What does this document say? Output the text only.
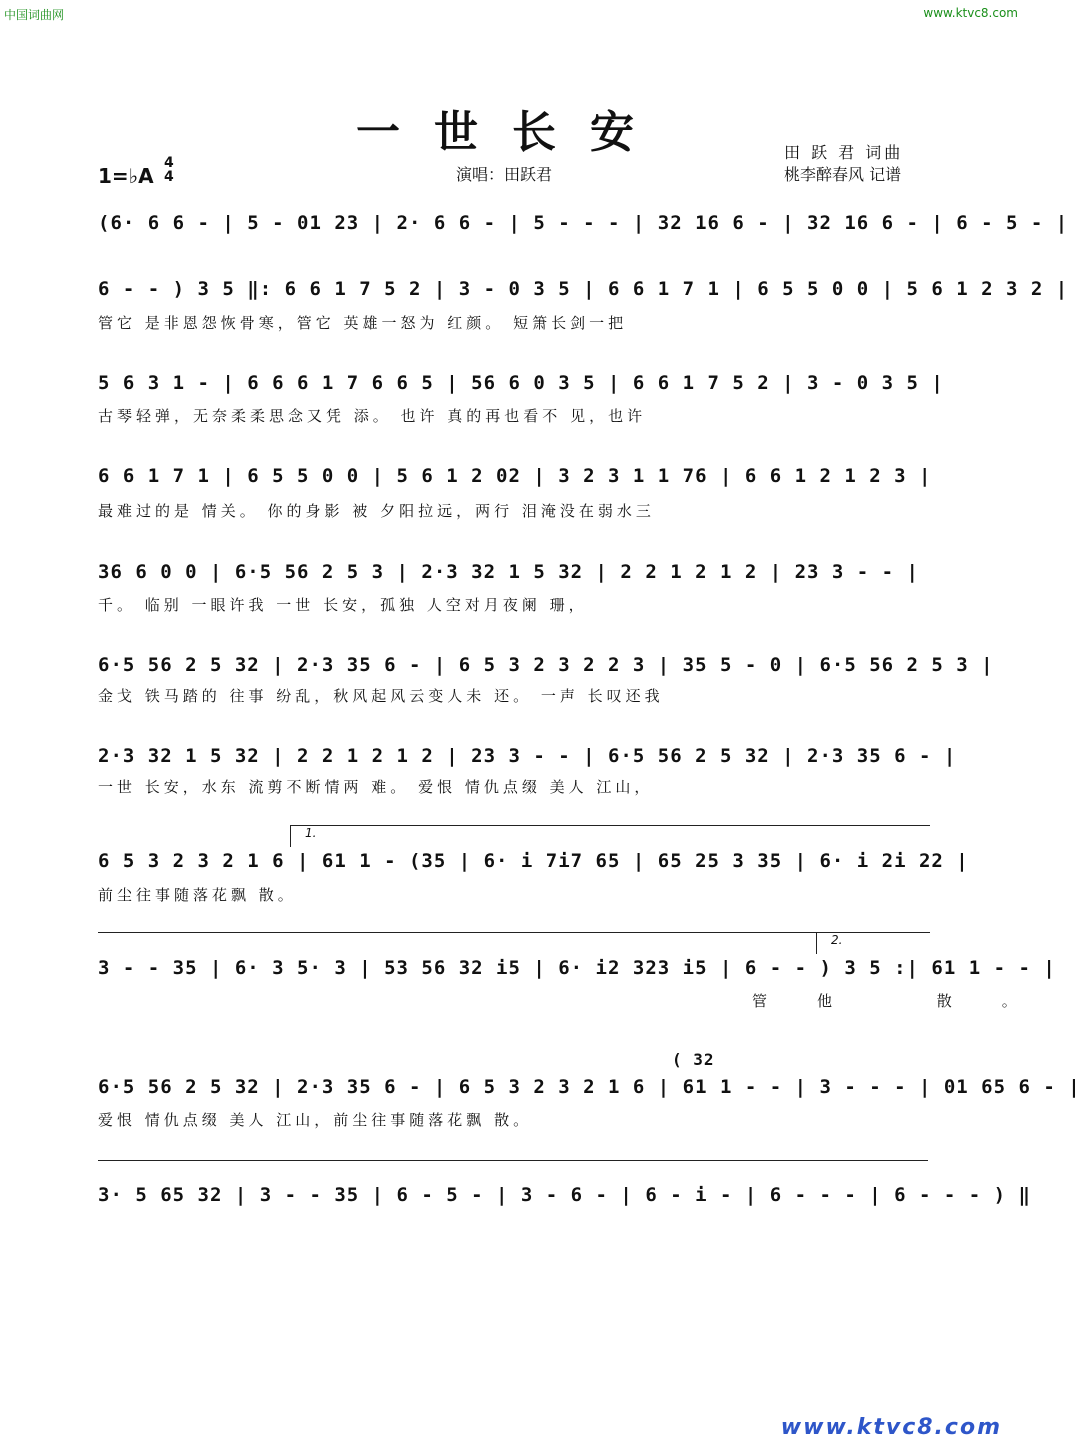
中国词曲网	www.ktvc8.com
一世长安	田 跃 君 词曲
演唱：田跃君	桃李醉春风 记谱
1=♭A
4
4
(6· 6 6 - | 5 - 01 23 | 2· 6 6 - | 5 - - - | 32 16 6 - | 32 16 6 - | 6 - 5 - |
6 - - ) 3 5 ‖: 6 6 1 7 5 2 | 3 - 0 3 5 | 6 6 1 7 1 | 6 5 5 0 0 | 5 6 1 2 3 2 |
管它 是非恩怨恢骨寒，管它 英雄一怒为 红颜。 短箫长剑一把
5 6 3 1 - | 6 6 6 1 7 6 6 5 | 56 6 0 3 5 | 6 6 1 7 5 2 | 3 - 0 3 5 |
古琴轻弹，无奈柔柔思念又凭 添。 也许 真的再也看不 见，也许
6 6 1 7 1 | 6 5 5 0 0 | 5 6 1 2 02 | 3 2 3 1 1 76 | 6 6 1 2 1 2 3 |
最难过的是 情关。 你的身影 被 夕阳拉远，两行 泪淹没在弱水三
36 6 0 0 | 6·5 56 2 5 3 | 2·3 32 1 5 32 | 2 2 1 2 1 2 | 23 3 - - |
千。 临别 一眼许我 一世 长安，孤独 人空对月夜阑 珊，
6·5 56 2 5 32 | 2·3 35 6 - | 6 5 3 2 3 2 2 3 | 35 5 - 0 | 6·5 56 2 5 3 |
金戈 铁马踏的 往事 纷乱，秋风起风云变人未 还。 一声 长叹还我
2·3 32 1 5 32 | 2 2 1 2 1 2 | 23 3 - - | 6·5 56 2 5 32 | 2·3 35 6 - |
一世 长安，水东 流剪不断情两 难。 爱恨 情仇点缀 美人 江山，
1.
6 5 3 2 3 2 1 6 | 61 1 - (35 | 6· i 7i7 65 | 65 25 3 35 | 6· i 2i 22 |
前尘往事随落花飘 散。
2.
3 - - 35 | 6· 3 5· 3 | 53 56 32 i5 | 6· i2 323 i5 | 6 - - ) 3 5 :| 61 1 - - |
管他 散。
( 32
6·5 56 2 5 32 | 2·3 35 6 - | 6 5 3 2 3 2 1 6 | 61 1 - - | 3 - - - | 01 65 6 - |
爱恨 情仇点缀 美人 江山，前尘往事随落花飘 散。
3· 5 65 32 | 3 - - 35 | 6 - 5 - | 3 - 6 - | 6 - i - | 6 - - - | 6 - - - ) ‖
www.ktvc8.com
